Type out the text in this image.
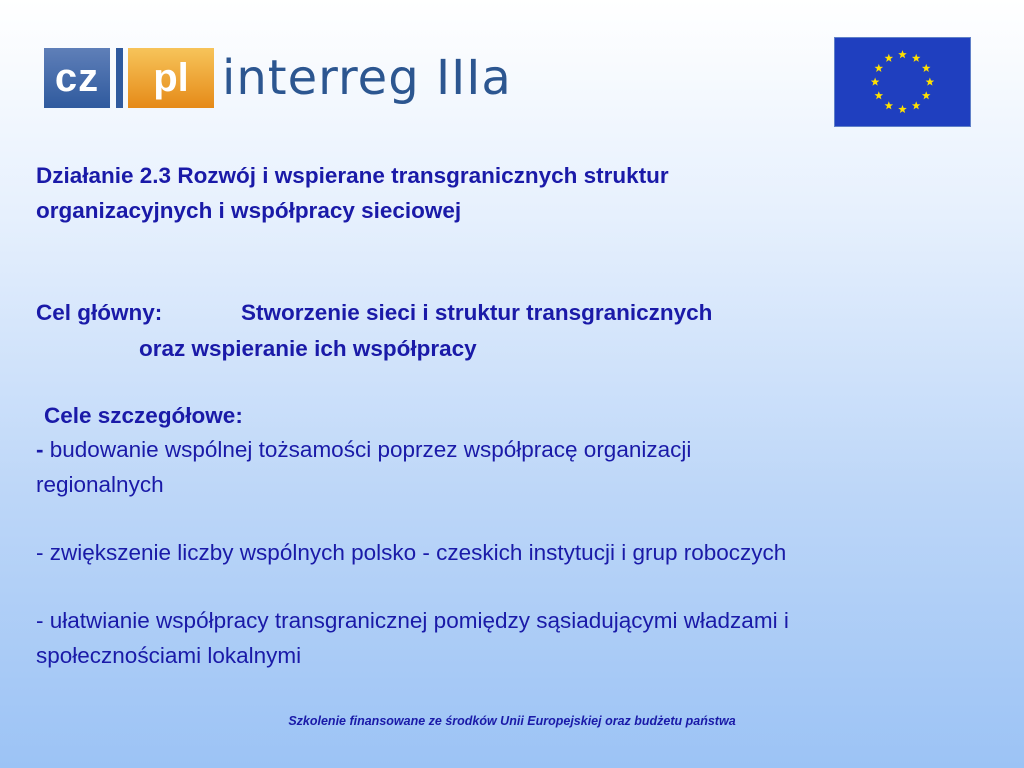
cz	pl interreg IIIa

Działanie 2.3 Rozwój i wspierane transgranicznych struktur

organizacyjnych i współpracy sieciowej

Cel główny:	Stworzenie sieci i struktur transgranicznych

oraz wspieranie ich współpracy

Cele szczegółowe:

- budowanie wspólnej tożsamości poprzez współpracę organizacji

regionalnych

- zwiększenie liczby wspólnych polsko - czeskich instytucji i grup roboczych

- ułatwianie współpracy transgranicznej pomiędzy sąsiadującymi władzami i

społecznościami lokalnymi

Szkolenie finansowane ze środków Unii Europejskiej oraz budżetu państwa
